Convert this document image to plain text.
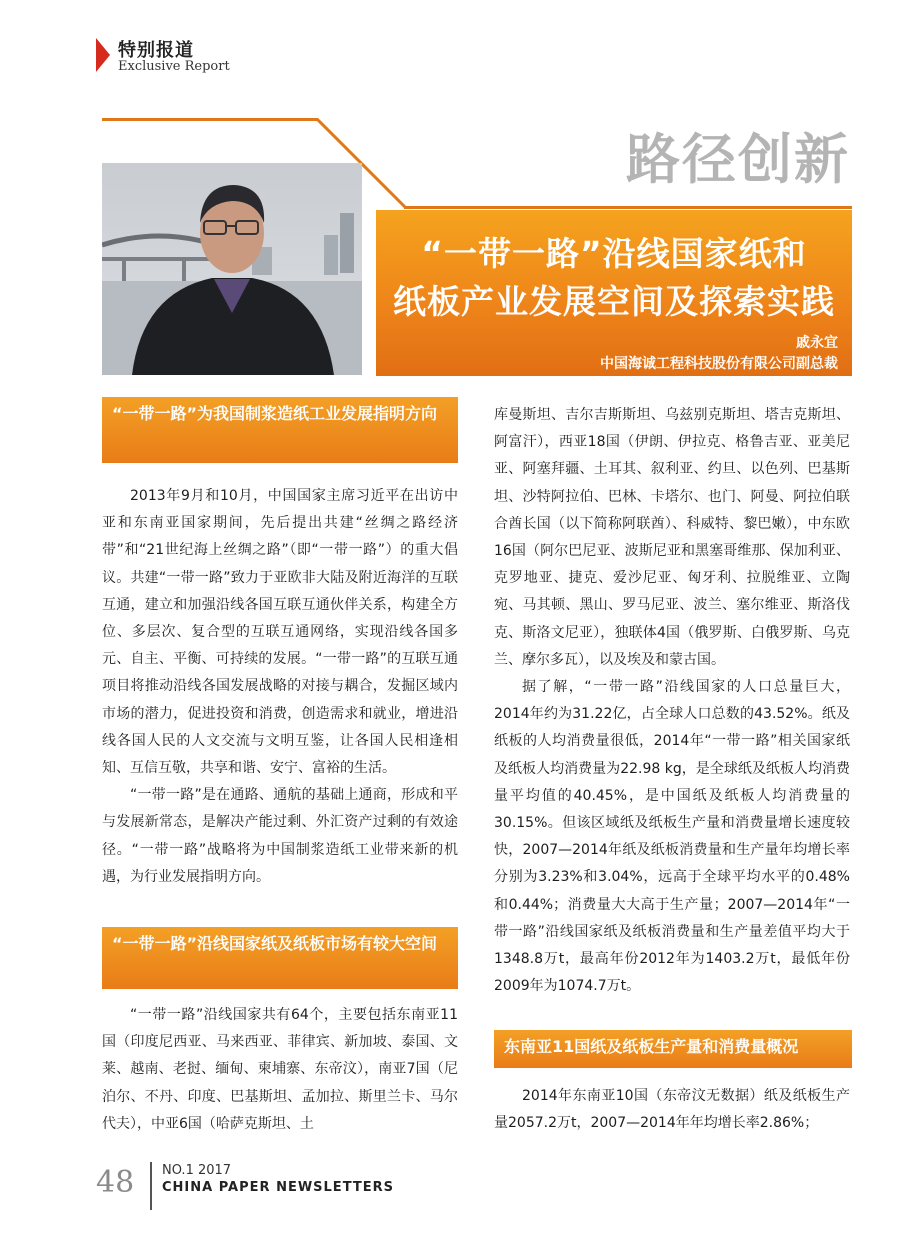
特别报道
Exclusive Report
路径创新
“一带一路”沿线国家纸和
纸板产业发展空间及探索实践
戚永宜
中国海诚工程科技股份有限公司副总裁
“一带一路”为我国制浆造纸工业发展指明方向

2013年9月和10月，中国国家主席习近平在出访中亚和东南亚国家期间，先后提出共建“丝绸之路经济带”和“21世纪海上丝绸之路”（即“一带一路”）的重大倡议。共建“一带一路”致力于亚欧非大陆及附近海洋的互联互通，建立和加强沿线各国互联互通伙伴关系，构建全方位、多层次、复合型的互联互通网络，实现沿线各国多元、自主、平衡、可持续的发展。“一带一路”的互联互通项目将推动沿线各国发展战略的对接与耦合，发掘区域内市场的潜力，促进投资和消费，创造需求和就业，增进沿线各国人民的人文交流与文明互鉴，让各国人民相逢相知、互信互敬，共享和谐、安宁、富裕的生活。

“一带一路”是在通路、通航的基础上通商，形成和平与发展新常态，是解决产能过剩、外汇资产过剩的有效途径。“一带一路”战略将为中国制浆造纸工业带来新的机遇，为行业发展指明方向。

“一带一路”沿线国家纸及纸板市场有较大空间

“一带一路”沿线国家共有64个，主要包括东南亚11国（印度尼西亚、马来西亚、菲律宾、新加坡、泰国、文莱、越南、老挝、缅甸、柬埔寨、东帝汶），南亚7国（尼泊尔、不丹、印度、巴基斯坦、孟加拉、斯里兰卡、马尔代夫），中亚6国（哈萨克斯坦、土

库曼斯坦、吉尔吉斯斯坦、乌兹别克斯坦、塔吉克斯坦、阿富汗），西亚18国（伊朗、伊拉克、格鲁吉亚、亚美尼亚、阿塞拜疆、土耳其、叙利亚、约旦、以色列、巴基斯坦、沙特阿拉伯、巴林、卡塔尔、也门、阿曼、阿拉伯联合酋长国（以下简称阿联酋）、科威特、黎巴嫩），中东欧16国（阿尔巴尼亚、波斯尼亚和黑塞哥维那、保加利亚、克罗地亚、捷克、爱沙尼亚、匈牙利、拉脱维亚、立陶宛、马其顿、黑山、罗马尼亚、波兰、塞尔维亚、斯洛伐克、斯洛文尼亚），独联体4国（俄罗斯、白俄罗斯、乌克兰、摩尔多瓦），以及埃及和蒙古国。

据了解，“一带一路”沿线国家的人口总量巨大，2014年约为31.22亿，占全球人口总数的43.52%。纸及纸板的人均消费量很低，2014年“一带一路”相关国家纸及纸板人均消费量为22.98 kg，是全球纸及纸板人均消费量平均值的40.45%，是中国纸及纸板人均消费量的30.15%。但该区域纸及纸板生产量和消费量增长速度较快，2007—2014年纸及纸板消费量和生产量年均增长率分别为3.23%和3.04%，远高于全球平均水平的0.48%和0.44%；消费量大大高于生产量；2007—2014年“一带一路”沿线国家纸及纸板消费量和生产量差值平均大于1348.8万t，最高年份2012年为1403.2万t，最低年份2009年为1074.7万t。

东南亚11国纸及纸板生产量和消费量概况

2014年东南亚10国（东帝汶无数据）纸及纸板生产量2057.2万t，2007—2014年年均增长率2.86%；

48 NO.1 2017
CHINA PAPER NEWSLETTERS
